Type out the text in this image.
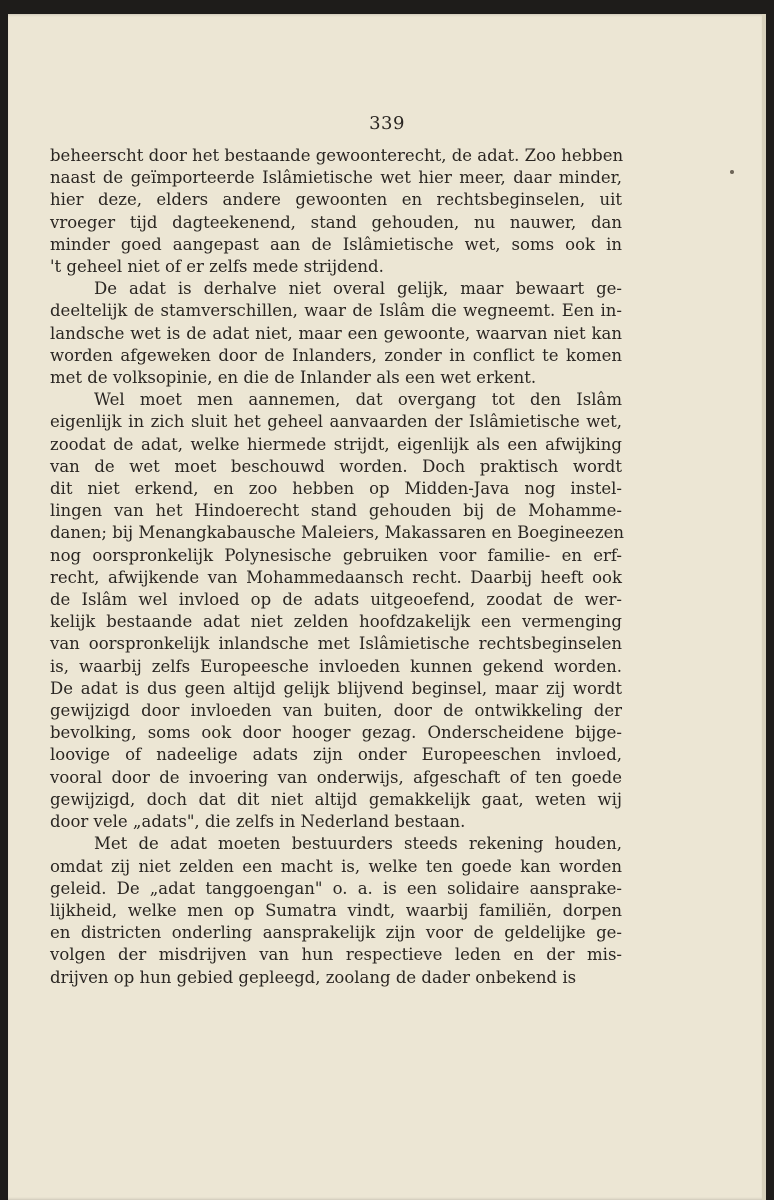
339
beheerscht door het bestaande gewoonterecht, de adat. Zoo hebben
naast de geïmporteerde Islâmietische wet hier meer, daar minder,
hier deze, elders andere gewoonten en rechtsbeginselen, uit
vroeger tijd dagteekenend, stand gehouden, nu nauwer, dan
minder goed aangepast aan de Islâmietische wet, soms ook in
't geheel niet of er zelfs mede strijdend.
De adat is derhalve niet overal gelijk, maar bewaart ge-
deeltelijk de stamverschillen, waar de Islâm die wegneemt. Een in-
landsche wet is de adat niet, maar een gewoonte, waarvan niet kan
worden afgeweken door de Inlanders, zonder in conflict te komen
met de volksopinie, en die de Inlander als een wet erkent.
Wel moet men aannemen, dat overgang tot den Islâm
eigenlijk in zich sluit het geheel aanvaarden der Islâmietische wet,
zoodat de adat, welke hiermede strijdt, eigenlijk als een afwijking
van de wet moet beschouwd worden. Doch praktisch wordt
dit niet erkend, en zoo hebben op Midden-Java nog instel-
lingen van het Hindoerecht stand gehouden bij de Mohamme-
danen; bij Menangkabausche Maleiers, Makassaren en Boegineezen
nog oorspronkelijk Polynesische gebruiken voor familie- en erf-
recht, afwijkende van Mohammedaansch recht. Daarbij heeft ook
de Islâm wel invloed op de adats uitgeoefend, zoodat de wer-
kelijk bestaande adat niet zelden hoofdzakelijk een vermenging
van oorspronkelijk inlandsche met Islâmietische rechtsbeginselen
is, waarbij zelfs Europeesche invloeden kunnen gekend worden.
De adat is dus geen altijd gelijk blijvend beginsel, maar zij wordt
gewijzigd door invloeden van buiten, door de ontwikkeling der
bevolking, soms ook door hooger gezag. Onderscheidene bijge-
loovige of nadeelige adats zijn onder Europeeschen invloed,
vooral door de invoering van onderwijs, afgeschaft of ten goede
gewijzigd, doch dat dit niet altijd gemakkelijk gaat, weten wij
door vele „adats", die zelfs in Nederland bestaan.
Met de adat moeten bestuurders steeds rekening houden,
omdat zij niet zelden een macht is, welke ten goede kan worden
geleid. De „adat tanggoengan" o. a. is een solidaire aansprake-
lijkheid, welke men op Sumatra vindt, waarbij familiën, dorpen
en districten onderling aansprakelijk zijn voor de geldelijke ge-
volgen der misdrijven van hun respectieve leden en der mis-
drijven op hun gebied gepleegd, zoolang de dader onbekend is
